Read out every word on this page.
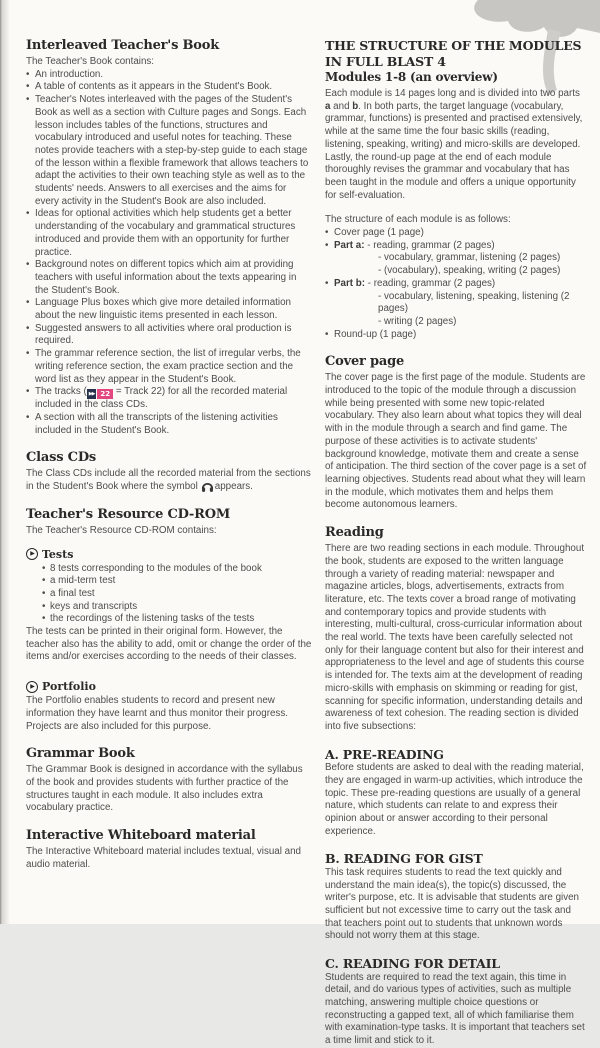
Interleaved Teacher's Book

The Teacher's Book contains:

• An introduction.
• A table of contents as it appears in the Student's Book.
• Teacher's Notes interleaved with the pages of the Student's Book as well as a section with Culture pages and Songs. Each lesson includes tables of the functions, structures and vocabulary introduced and useful notes for teaching. These notes provide teachers with a step-by-step guide to each stage of the lesson within a flexible framework that allows teachers to adapt the activities to their own teaching style as well as to the students' needs. Answers to all exercises and the aims for every activity in the Student's Book are also included.
• Ideas for optional activities which help students get a better understanding of the vocabulary and grammatical structures introduced and provide them with an opportunity for further practice.
• Background notes on different topics which aim at providing teachers with useful information about the texts appearing in the Student's Book.
• Language Plus boxes which give more detailed information about the new linguistic items presented in each lesson.
• Suggested answers to all activities where oral production is required.
• The grammar reference section, the list of irregular verbs, the writing reference section, the exam practice section and the word list as they appear in the Student's Book.
• The tracks ( ▶▶ 22 = Track 22) for all the recorded material included in the class CDs.
• A section with all the transcripts of the listening activities included in the Student's Book.
Class CDs

The Class CDs include all the recorded material from the sections in the Student's Book where the symbol appears.

Teacher's Resource CD-ROM

The Teacher's Resource CD-ROM contains:

▶ Tests
• 8 tests corresponding to the modules of the book
• a mid-term test
• a final test
• keys and transcripts
• the recordings of the listening tasks of the tests

The tests can be printed in their original form. However, the teacher also has the ability to add, omit or change the order of the items and/or exercises according to the needs of their classes.

▶ Portfolio

The Portfolio enables students to record and present new information they have learnt and thus monitor their progress. Projects are also included for this purpose.

Grammar Book

The Grammar Book is designed in accordance with the syllabus of the book and provides students with further practice of the structures taught in each module. It also includes extra vocabulary practice.

Interactive Whiteboard material

The Interactive Whiteboard material includes textual, visual and audio material.

THE STRUCTURE OF THE MODULES
IN FULL BLAST 4
Modules 1-8 (an overview)

Each module is 14 pages long and is divided into two parts a and b. In both parts, the target language (vocabulary, grammar, functions) is presented and practised extensively, while at the same time the four basic skills (reading, listening, speaking, writing) and micro-skills are developed. Lastly, the round-up page at the end of each module thoroughly revises the grammar and vocabulary that has been taught in the module and offers a unique opportunity for self-evaluation.

The structure of each module is as follows:

• Cover page (1 page)
• Part a: - reading, grammar (2 pages)
- vocabulary, grammar, listening (2 pages)
- (vocabulary), speaking, writing (2 pages)
• Part b: - reading, grammar (2 pages)
- vocabulary, listening, speaking, listening (2 pages)
- writing (2 pages)
• Round-up (1 page)
Cover page

The cover page is the first page of the module. Students are introduced to the topic of the module through a discussion while being presented with some new topic-related vocabulary. They also learn about what topics they will deal with in the module through a search and find game. The purpose of these activities is to activate students' background knowledge, motivate them and create a sense of anticipation. The third section of the cover page is a set of learning objectives. Students read about what they will learn in the module, which motivates them and helps them become autonomous learners.

Reading

There are two reading sections in each module. Throughout the book, students are exposed to the written language through a variety of reading material: newspaper and magazine articles, blogs, advertisements, extracts from literature, etc. The texts cover a broad range of motivating and contemporary topics and provide students with interesting, multi-cultural, cross-curricular information about the real world. The texts have been carefully selected not only for their language content but also for their interest and appropriateness to the level and age of students this course is intended for. The texts aim at the development of reading micro-skills with emphasis on skimming or reading for gist, scanning for specific information, understanding details and awareness of text cohesion. The reading section is divided into five subsections:

A. PRE-READING

Before students are asked to deal with the reading material, they are engaged in warm-up activities, which introduce the topic. These pre-reading questions are usually of a general nature, which students can relate to and express their opinion about or answer according to their personal experience.

B. READING FOR GIST

This task requires students to read the text quickly and understand the main idea(s), the topic(s) discussed, the writer's purpose, etc. It is advisable that students are given sufficient but not excessive time to carry out the task and that teachers point out to students that unknown words should not worry them at this stage.

C. READING FOR DETAIL

Students are required to read the text again, this time in detail, and do various types of activities, such as multiple matching, answering multiple choice questions or reconstructing a gapped text, all of which familiarise them with examination-type tasks. It is important that teachers set a time limit and stick to it.
